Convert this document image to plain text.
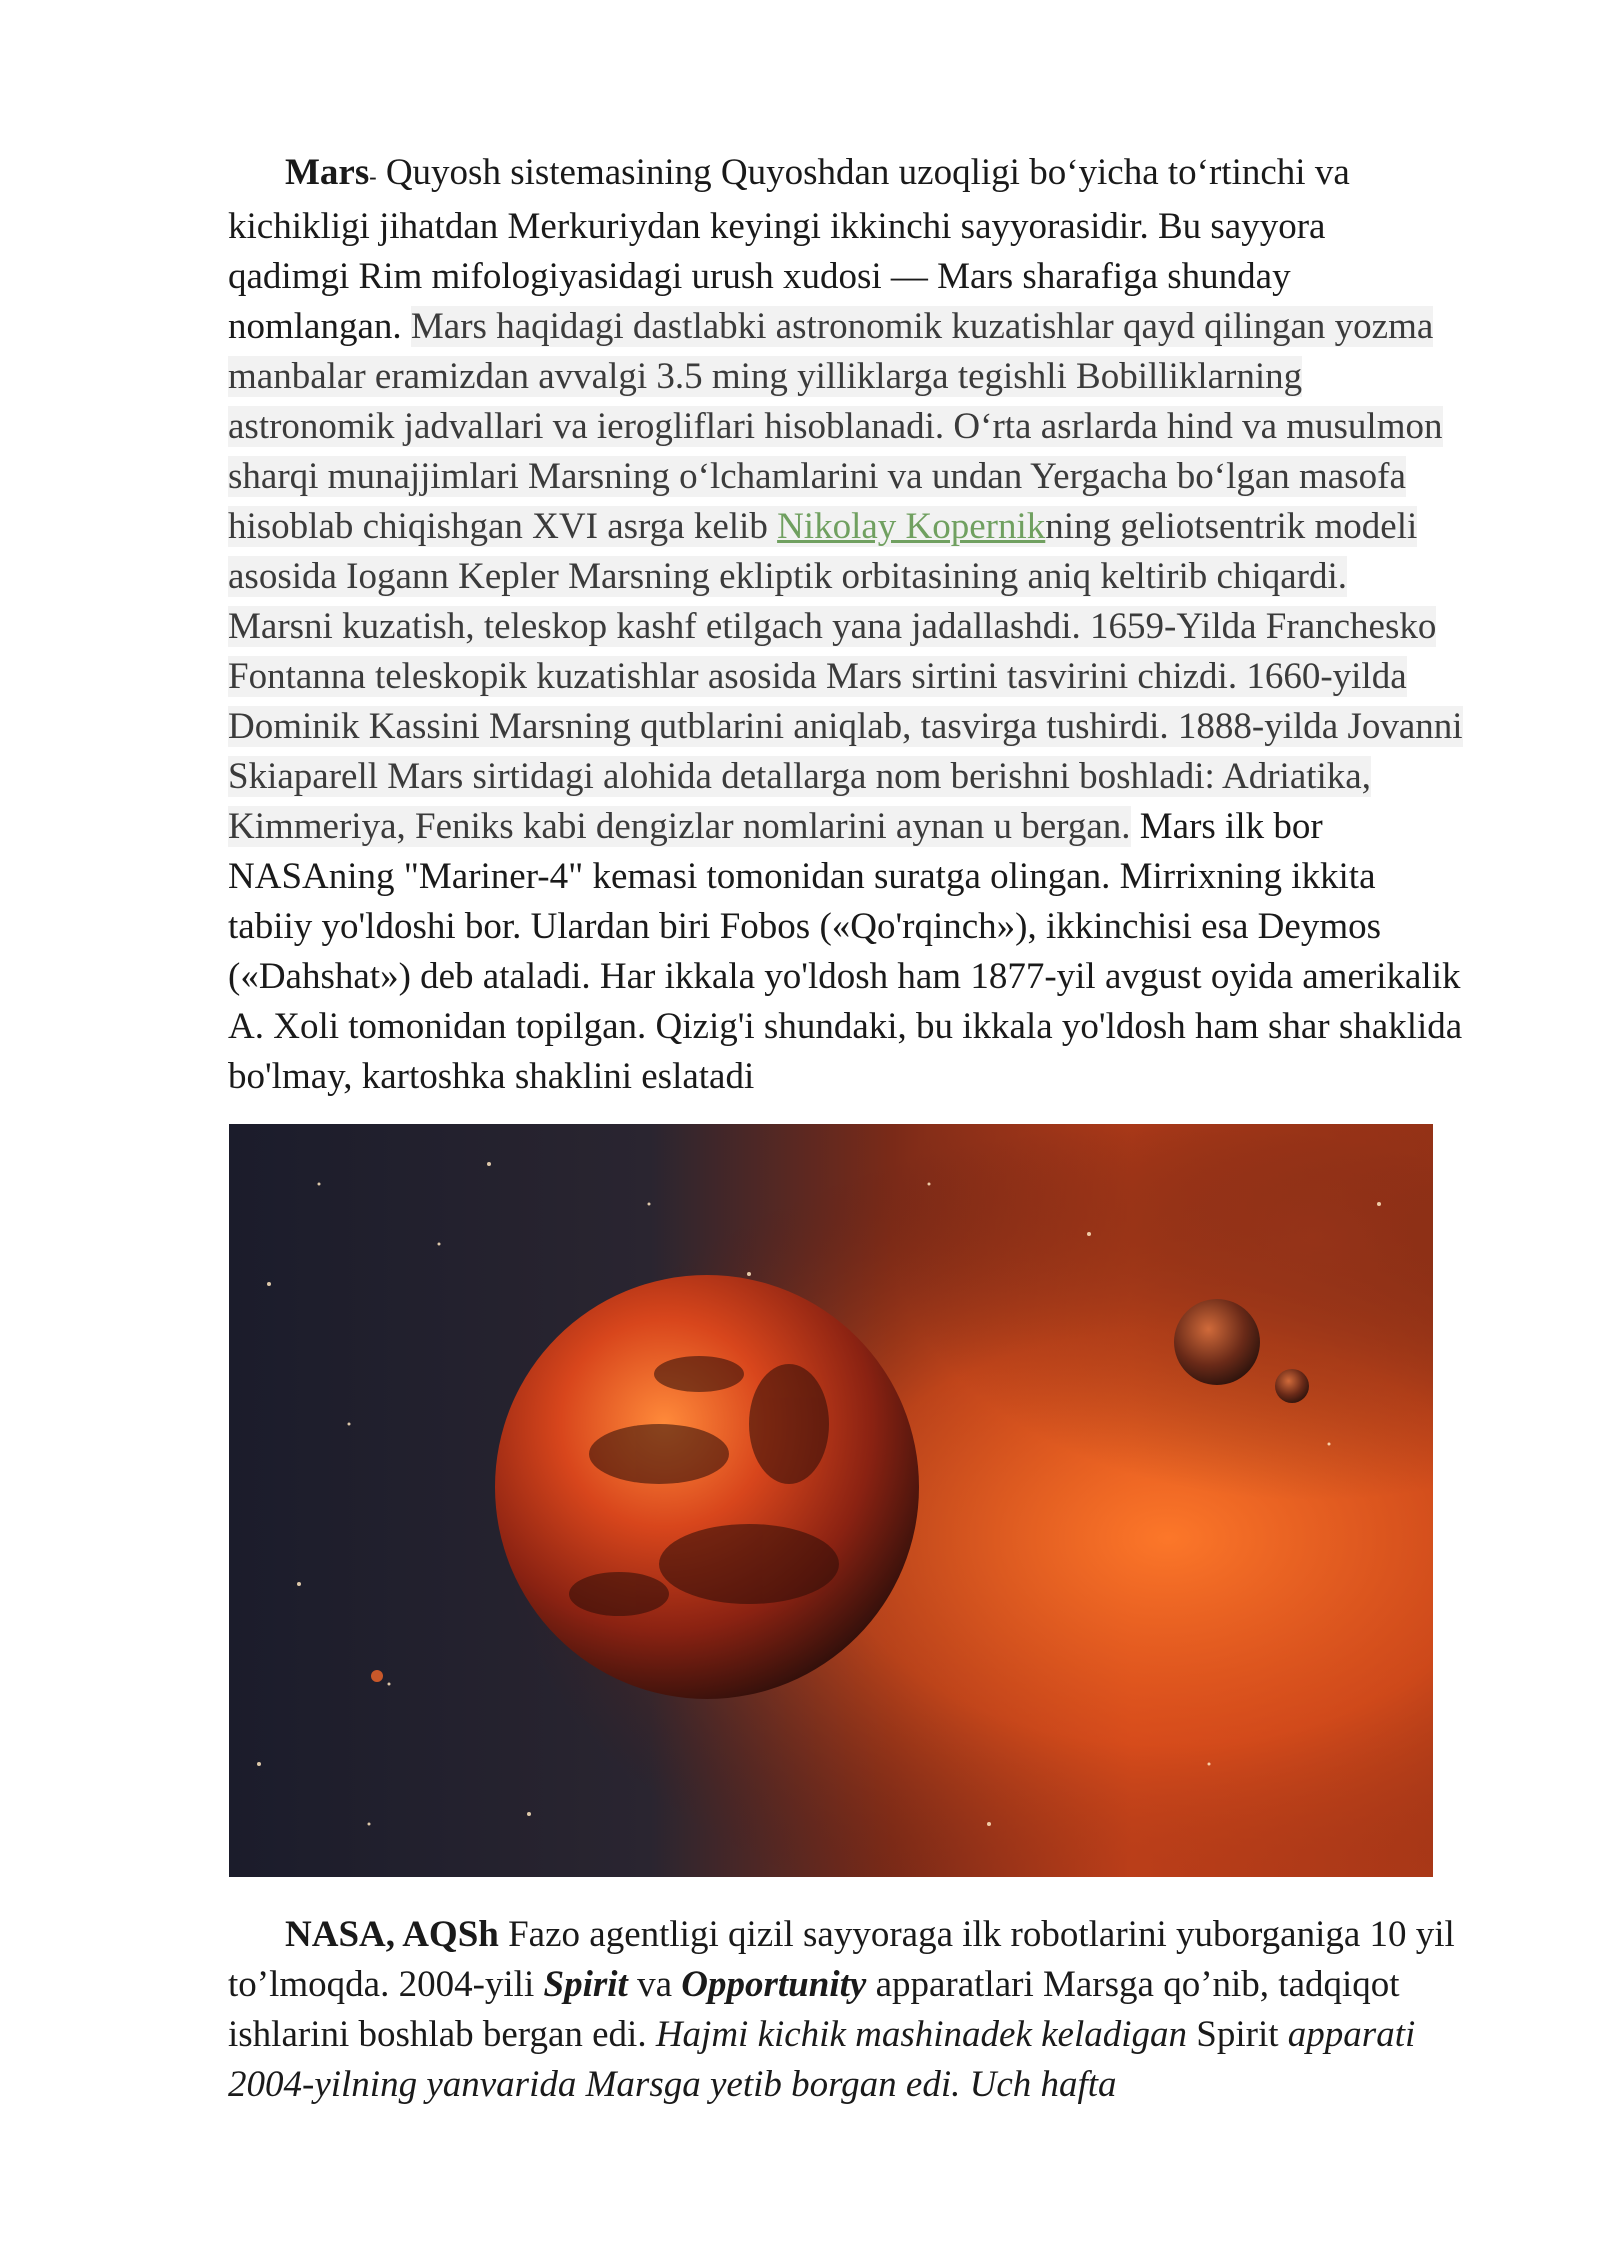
Mars- Quyosh sistemasining Quyoshdan uzoqligi bo‘yicha to‘rtinchi va
kichikligi jihatdan Merkuriydan keyingi ikkinchi sayyorasidir. Bu sayyora
qadimgi Rim mifologiyasidagi urush xudosi — Mars sharafiga shunday
nomlangan. Mars haqidagi dastlabki astronomik kuzatishlar qayd qilingan yozma
manbalar eramizdan avvalgi 3.5 ming yilliklarga tegishli Bobilliklarning
astronomik jadvallari va ierogliflari hisoblanadi. O‘rta asrlarda hind va musulmon
sharqi munajjimlari Marsning o‘lchamlarini va undan Yergacha bo‘lgan masofa
hisoblab chiqishgan XVI asrga kelib Nikolay Kopernikning geliotsentrik modeli
asosida Iogann Kepler Marsning ekliptik orbitasining aniq keltirib chiqardi.
Marsni kuzatish, teleskop kashf etilgach yana jadallashdi. 1659-Yilda Francheskо
Fontanna teleskopik kuzatishlar asosida Mars sirtini tasvirini chizdi. 1660-yilda
Dominik Kassini Marsning qutblarini aniqlab, tasvirga tushirdi. 1888-yilda Jovanni
Skiaparell Mars sirtidagi alohida detallarga nom berishni boshladi: Adriatika,
Kimmeriya, Feniks kabi dengizlar nomlarini aynan u bergan. Mars ilk bor
NASAning "Mariner-4" kemasi tomonidan suratga olingan. Mirrixning ikkita
tabiiy yo'ldoshi bor. Ulardan biri Fobos («Qo'rqinch»), ikkinchisi esa Deymos
(«Dahshat») deb ataladi. Har ikkala yo'ldosh ham 1877-yil avgust oyida amerikalik
A. Xoli tomonidan topilgan. Qizig'i shundaki, bu ikkala yo'ldosh ham shar shaklida
bo'lmay, kartoshka shaklini eslatadi
NASA, AQSh Fazo agentligi qizil sayyoraga ilk robotlarini yuborganiga 10 yil
to’lmoqda. 2004-yili Spirit va Opportunity apparatlari Marsga qo’nib, tadqiqot
ishlarini boshlab bergan edi. Hajmi kichik mashinadek keladigan Spirit apparati
2004-yilning yanvarida Marsga yetib borgan edi. Uch hafta
